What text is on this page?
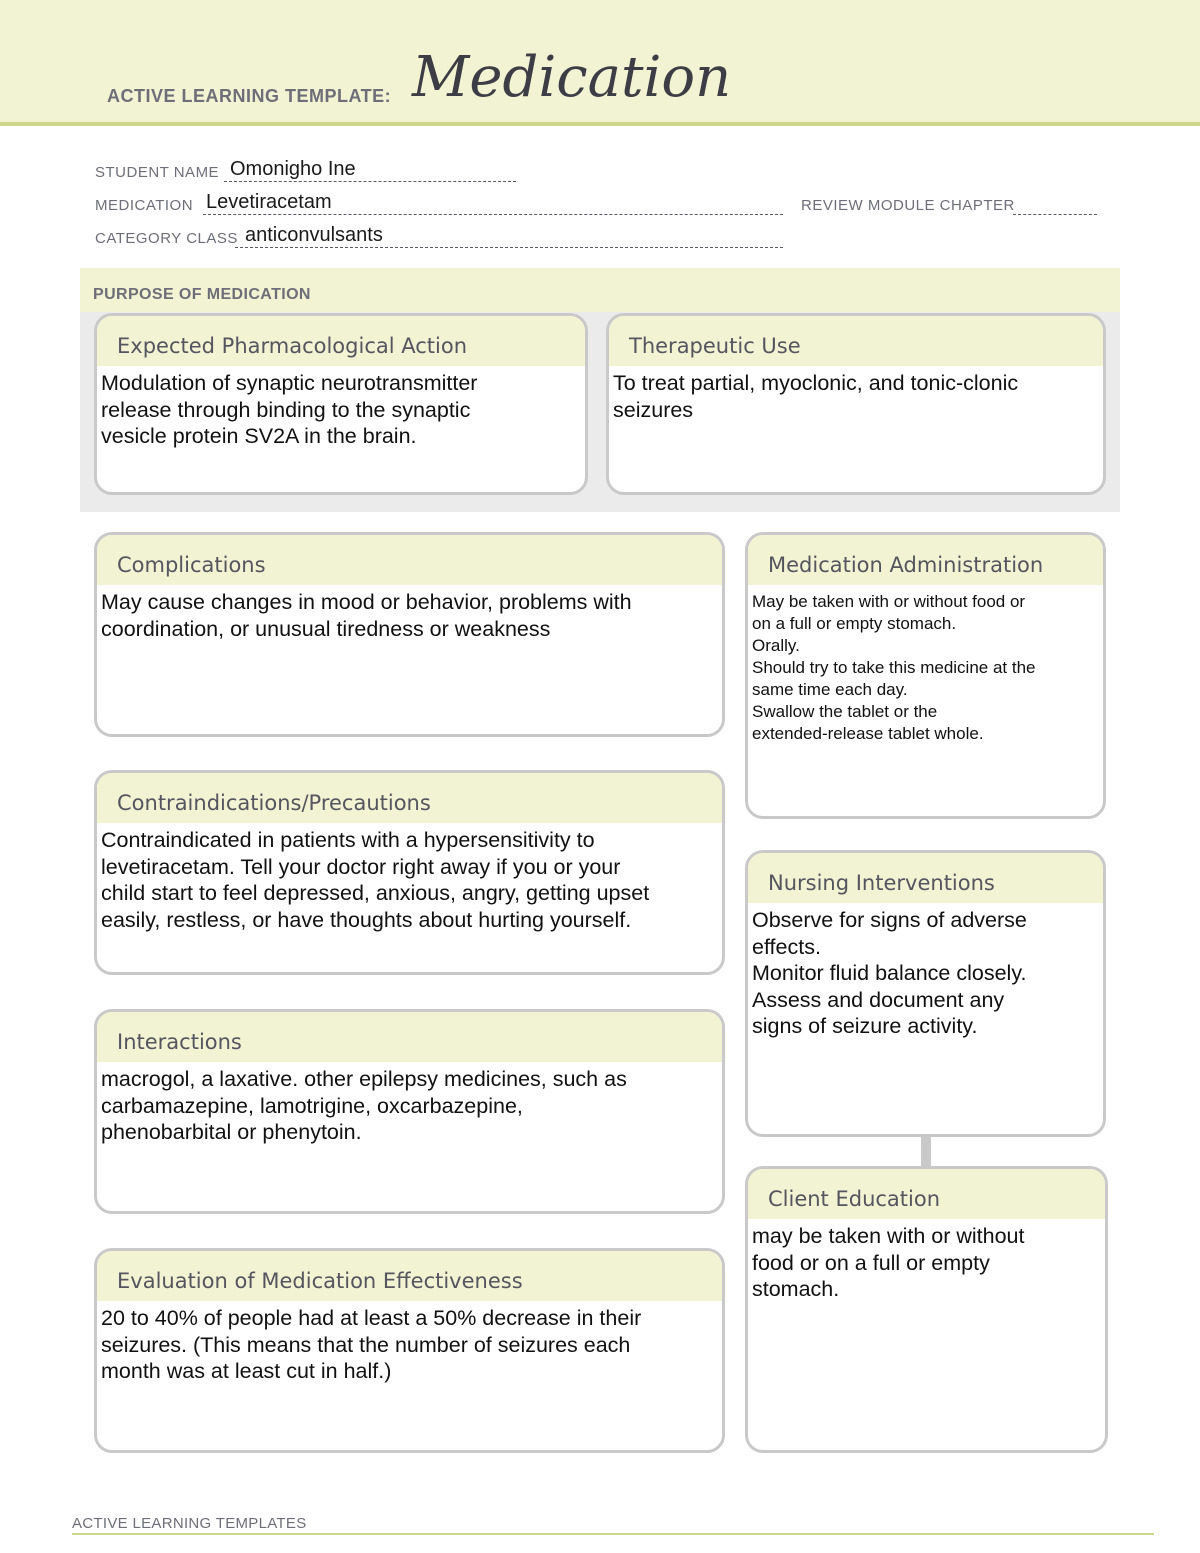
ACTIVE LEARNING TEMPLATE: Medication
STUDENT NAME Omonigho Ine
MEDICATION Levetiracetam	REVIEW MODULE CHAPTER
CATEGORY CLASS anticonvulsants
PURPOSE OF MEDICATION
Expected Pharmacological Action
Modulation of synaptic neurotransmitter
release through binding to the synaptic
vesicle protein SV2A in the brain.
Therapeutic Use
To treat partial, myoclonic, and tonic-clonic
seizures
Complications
May cause changes in mood or behavior, problems with
coordination, or unusual tiredness or weakness
Contraindications/Precautions
Contraindicated in patients with a hypersensitivity to
levetiracetam. Tell your doctor right away if you or your
child start to feel depressed, anxious, angry, getting upset
easily, restless, or have thoughts about hurting yourself.
Interactions
macrogol, a laxative. other epilepsy medicines, such as
carbamazepine, lamotrigine, oxcarbazepine,
phenobarbital or phenytoin.
Evaluation of Medication Effectiveness
20 to 40% of people had at least a 50% decrease in their
seizures. (This means that the number of seizures each
month was at least cut in half.)
Medication Administration
May be taken with or without food or
on a full or empty stomach.
Orally.
Should try to take this medicine at the
same time each day.
Swallow the tablet or the
extended-release tablet whole.
Nursing Interventions
Observe for signs of adverse
effects.
Monitor fluid balance closely.
Assess and document any
signs of seizure activity.
Client Education
may be taken with or without
food or on a full or empty
stomach.
ACTIVE LEARNING TEMPLATES
